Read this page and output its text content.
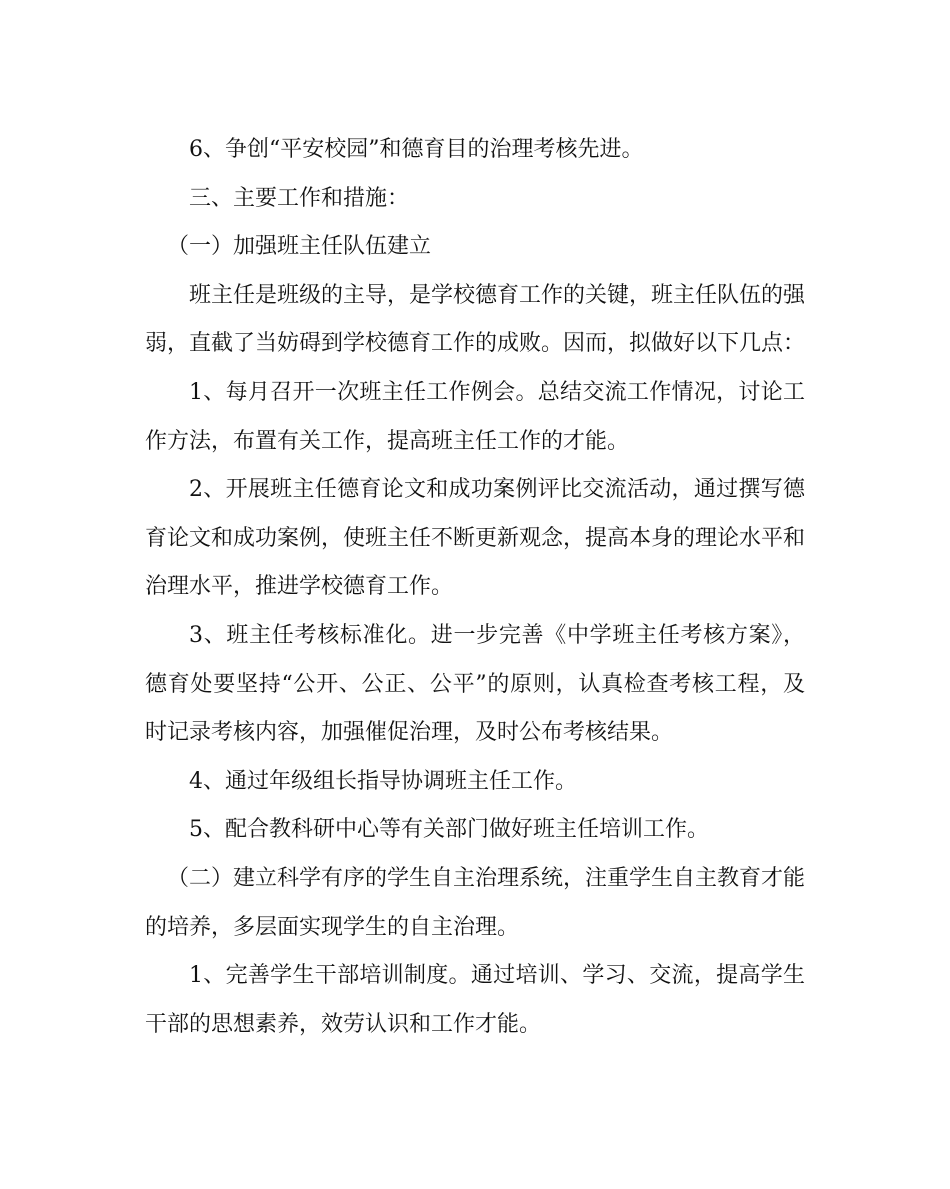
6、争创“平安校园”和德育目的治理考核先进。

三、主要工作和措施：

（一）加强班主任队伍建立

班主任是班级的主导，是学校德育工作的关键，班主任队伍的强弱，直截了当妨碍到学校德育工作的成败。因而，拟做好以下几点：

1、每月召开一次班主任工作例会。总结交流工作情况，讨论工作方法，布置有关工作，提高班主任工作的才能。

2、开展班主任德育论文和成功案例评比交流活动，通过撰写德育论文和成功案例，使班主任不断更新观念，提高本身的理论水平和治理水平，推进学校德育工作。

3、班主任考核标准化。进一步完善《中学班主任考核方案》，德育处要坚持“公开、公正、公平”的原则，认真检查考核工程，及时记录考核内容，加强催促治理，及时公布考核结果。

4、通过年级组长指导协调班主任工作。

5、配合教科研中心等有关部门做好班主任培训工作。

（二）建立科学有序的学生自主治理系统，注重学生自主教育才能的培养，多层面实现学生的自主治理。

1、完善学生干部培训制度。通过培训、学习、交流，提高学生干部的思想素养，效劳认识和工作才能。
